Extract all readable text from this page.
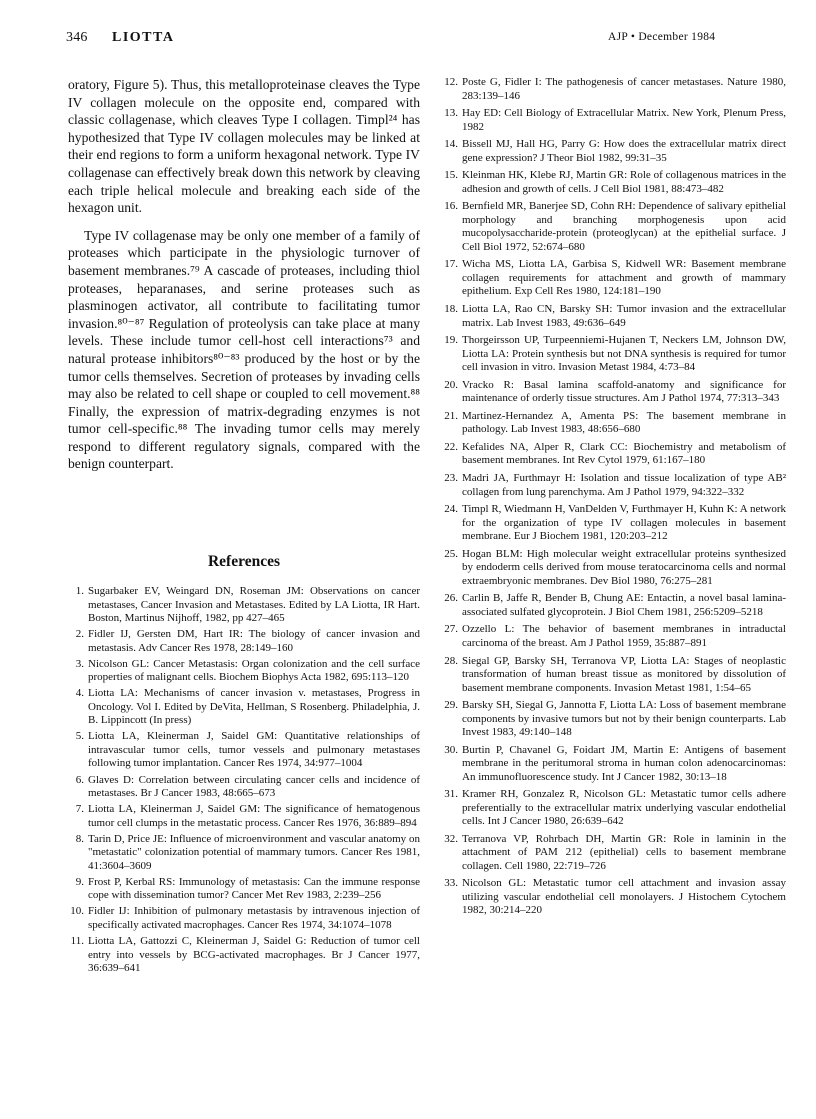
346 LIOTTA	AJP • December 1984

oratory, Figure 5). Thus, this metalloproteinase cleaves the Type IV collagen molecule on the opposite end, compared with classic collagenase, which cleaves Type I collagen. Timpl²⁴ has hypothesized that Type IV collagen molecules may be linked at their end regions to form a uniform hexagonal network. Type IV collagenase can effectively break down this network by cleaving each triple helical molecule and breaking each side of the hexagon unit.

Type IV collagenase may be only one member of a family of proteases which participate in the physiologic turnover of basement membranes.⁷⁹ A cascade of proteases, including thiol proteases, heparanases, and serine proteases such as plasminogen activator, all contribute to facilitating tumor invasion.⁸⁰⁻⁸⁷ Regulation of proteolysis can take place at many levels. These include tumor cell-host cell interactions⁷³ and natural protease inhibitors⁸⁰⁻⁸³ produced by the host or by the tumor cells themselves. Secretion of proteases by invading cells may also be related to cell shape or coupled to cell movement.⁸⁸ Finally, the expression of matrix-degrading enzymes is not tumor cell-specific.⁸⁸ The invading tumor cells may merely respond to different regulatory signals, compared with the benign counterpart.

References
1. Sugarbaker EV, Weingard DN, Roseman JM: Observations on cancer metastases, Cancer Invasion and Metastases. Edited by LA Liotta, IR Hart. Boston, Martinus Nijhoff, 1982, pp 427–465
2. Fidler IJ, Gersten DM, Hart IR: The biology of cancer invasion and metastasis. Adv Cancer Res 1978, 28:149–160
3. Nicolson GL: Cancer Metastasis: Organ colonization and the cell surface properties of malignant cells. Biochem Biophys Acta 1982, 695:113–120
4. Liotta LA: Mechanisms of cancer invasion v. metastases, Progress in Oncology. Vol I. Edited by DeVita, Hellman, S Rosenberg. Philadelphia, J. B. Lippincott (In press)
5. Liotta LA, Kleinerman J, Saidel GM: Quantitative relationships of intravascular tumor cells, tumor vessels and pulmonary metastases following tumor implantation. Cancer Res 1974, 34:977–1004
6. Glaves D: Correlation between circulating cancer cells and incidence of metastases. Br J Cancer 1983, 48:665–673
7. Liotta LA, Kleinerman J, Saidel GM: The significance of hematogenous tumor cell clumps in the metastatic process. Cancer Res 1976, 36:889–894
8. Tarin D, Price JE: Influence of microenvironment and vascular anatomy on "metastatic" colonization potential of mammary tumors. Cancer Res 1981, 41:3604–3609
9. Frost P, Kerbal RS: Immunology of metastasis: Can the immune response cope with dissemination tumor? Cancer Met Rev 1983, 2:239–256
10. Fidler IJ: Inhibition of pulmonary metastasis by intravenous injection of specifically activated macrophages. Cancer Res 1974, 34:1074–1078
11. Liotta LA, Gattozzi C, Kleinerman J, Saidel G: Reduction of tumor cell entry into vessels by BCG-activated macrophages. Br J Cancer 1977, 36:639–641
12. Poste G, Fidler I: The pathogenesis of cancer metastases. Nature 1980, 283:139–146
13. Hay ED: Cell Biology of Extracellular Matrix. New York, Plenum Press, 1982
14. Bissell MJ, Hall HG, Parry G: How does the extracellular matrix direct gene expression? J Theor Biol 1982, 99:31–35
15. Kleinman HK, Klebe RJ, Martin GR: Role of collagenous matrices in the adhesion and growth of cells. J Cell Biol 1981, 88:473–482
16. Bernfield MR, Banerjee SD, Cohn RH: Dependence of salivary epithelial morphology and branching morphogenesis upon acid mucopolysaccharide-protein (proteoglycan) at the epithelial surface. J Cell Biol 1972, 52:674–680
17. Wicha MS, Liotta LA, Garbisa S, Kidwell WR: Basement membrane collagen requirements for attachment and growth of mammary epithelium. Exp Cell Res 1980, 124:181–190
18. Liotta LA, Rao CN, Barsky SH: Tumor invasion and the extracellular matrix. Lab Invest 1983, 49:636–649
19. Thorgeirsson UP, Turpeenniemi-Hujanen T, Neckers LM, Johnson DW, Liotta LA: Protein synthesis but not DNA synthesis is required for tumor cell invasion in vitro. Invasion Metast 1984, 4:73–84
20. Vracko R: Basal lamina scaffold-anatomy and significance for maintenance of orderly tissue structures. Am J Pathol 1974, 77:313–343
21. Martinez-Hernandez A, Amenta PS: The basement membrane in pathology. Lab Invest 1983, 48:656–680
22. Kefalides NA, Alper R, Clark CC: Biochemistry and metabolism of basement membranes. Int Rev Cytol 1979, 61:167–180
23. Madri JA, Furthmayr H: Isolation and tissue localization of type AB² collagen from lung parenchyma. Am J Pathol 1979, 94:322–332
24. Timpl R, Wiedmann H, VanDelden V, Furthmayer H, Kuhn K: A network for the organization of type IV collagen molecules in basement membrane. Eur J Biochem 1981, 120:203–212
25. Hogan BLM: High molecular weight extracellular proteins synthesized by endoderm cells derived from mouse teratocarcinoma cells and normal extraembryonic membranes. Dev Biol 1980, 76:275–281
26. Carlin B, Jaffe R, Bender B, Chung AE: Entactin, a novel basal lamina-associated sulfated glycoprotein. J Biol Chem 1981, 256:5209–5218
27. Ozzello L: The behavior of basement membranes in intraductal carcinoma of the breast. Am J Pathol 1959, 35:887–891
28. Siegal GP, Barsky SH, Terranova VP, Liotta LA: Stages of neoplastic transformation of human breast tissue as monitored by dissolution of basement membrane components. Invasion Metast 1981, 1:54–65
29. Barsky SH, Siegal G, Jannotta F, Liotta LA: Loss of basement membrane components by invasive tumors but not by their benign counterparts. Lab Invest 1983, 49:140–148
30. Burtin P, Chavanel G, Foidart JM, Martin E: Antigens of basement membrane in the peritumoral stroma in human colon adenocarcinomas: An immunofluorescence study. Int J Cancer 1982, 30:13–18
31. Kramer RH, Gonzalez R, Nicolson GL: Metastatic tumor cells adhere preferentially to the extracellular matrix underlying vascular endothelial cells. Int J Cancer 1980, 26:639–642
32. Terranova VP, Rohrbach DH, Martin GR: Role in laminin in the attachment of PAM 212 (epithelial) cells to basement membrane collagen. Cell 1980, 22:719–726
33. Nicolson GL: Metastatic tumor cell attachment and invasion assay utilizing vascular endothelial cell monolayers. J Histochem Cytochem 1982, 30:214–220
